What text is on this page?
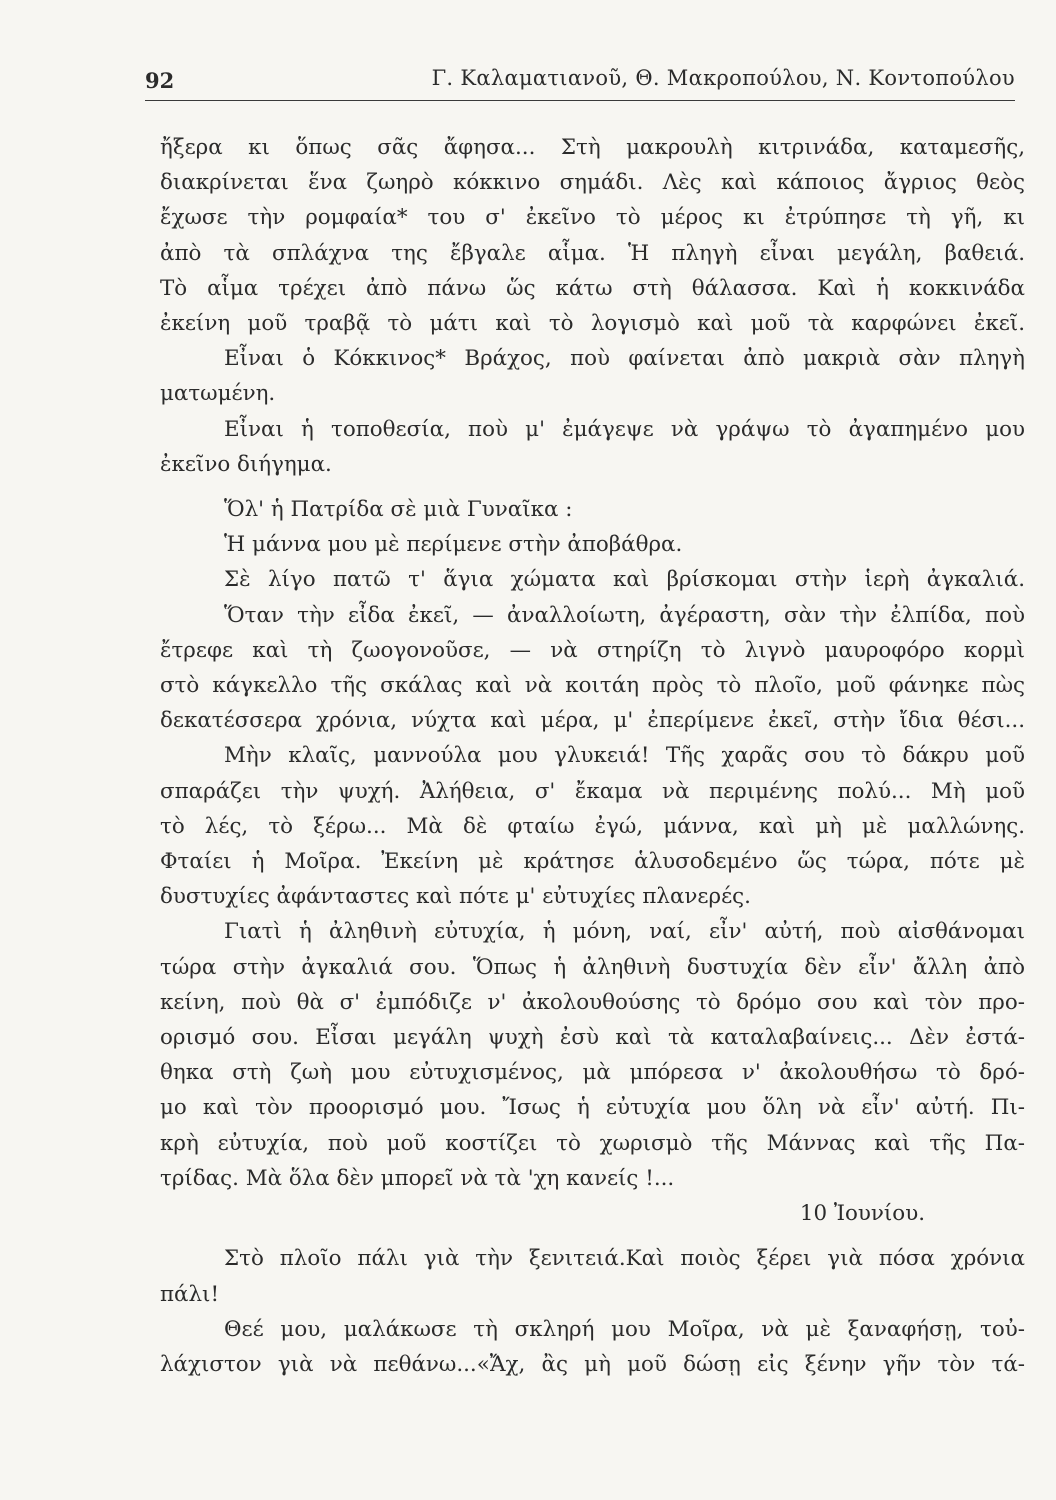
92	Γ. Καλαματιανοῦ, Θ. Μακροπούλου, Ν. Κοντοπούλου
ἤξερα κι ὅπως σᾶς ἄφησα... Στὴ μακρουλὴ κιτρινάδα, καταμεσῆς,
διακρίνεται ἕνα ζωηρὸ κόκκινο σημάδι. Λὲς καὶ κάποιος ἄγριος θεὸς
ἔχωσε τὴν ρομφαία* του σ' ἐκεῖνο τὸ μέρος κι ἐτρύπησε τὴ γῆ, κι
ἀπὸ τὰ σπλάχνα της ἔβγαλε αἷμα. Ἡ πληγὴ εἶναι μεγάλη, βαθειά.
Τὸ αἷμα τρέχει ἀπὸ πάνω ὥς κάτω στὴ θάλασσα. Καὶ ἡ κοκκινάδα
ἐκείνη μοῦ τραβᾷ τὸ μάτι καὶ τὸ λογισμὸ καὶ μοῦ τὰ καρφώνει ἐκεῖ.
Εἶναι ὁ Κόκκινος* Βράχος, ποὺ φαίνεται ἀπὸ μακριὰ σὰν πληγὴ
ματωμένη.
Εἶναι ἡ τοποθεσία, ποὺ μ' ἐμάγεψε νὰ γράψω τὸ ἀγαπημένο μου
ἐκεῖνο διήγημα.
Ὅλ' ἡ Πατρίδα σὲ μιὰ Γυναῖκα :
Ἡ μάννα μου μὲ περίμενε στὴν ἀποβάθρα.
Σὲ λίγο πατῶ τ' ἅγια χώματα καὶ βρίσκομαι στὴν ἱερὴ ἀγκαλιά.
Ὅταν τὴν εἶδα ἐκεῖ, — ἀναλλοίωτη, ἀγέραστη, σὰν τὴν ἐλπίδα, ποὺ
ἔτρεφε καὶ τὴ ζωογονοῦσε, — νὰ στηρίζη τὸ λιγνὸ μαυροφόρο κορμὶ
στὸ κάγκελλο τῆς σκάλας καὶ νὰ κοιτάη πρὸς τὸ πλοῖο, μοῦ φάνηκε πὼς
δεκατέσσερα χρόνια, νύχτα καὶ μέρα, μ' ἐπερίμενε ἐκεῖ, στὴν ἴδια θέσι...
Μὴν κλαῖς, μαννούλα μου γλυκειά! Τῆς χαρᾶς σου τὸ δάκρυ μοῦ
σπαράζει τὴν ψυχή. Ἀλήθεια, σ' ἔκαμα νὰ περιμένης πολύ... Μὴ μοῦ
τὸ λές, τὸ ξέρω... Μὰ δὲ φταίω ἐγώ, μάννα, καὶ μὴ μὲ μαλλώνης.
Φταίει ἡ Μοῖρα. Ἐκείνη μὲ κράτησε ἁλυσοδεμένο ὥς τώρα, πότε μὲ
δυστυχίες ἀφάνταστες καὶ πότε μ' εὐτυχίες πλανερές.
Γιατὶ ἡ ἀληθινὴ εὐτυχία, ἡ μόνη, ναί, εἶν' αὐτή, ποὺ αἰσθάνομαι
τώρα στὴν ἀγκαλιά σου. Ὅπως ἡ ἀληθινὴ δυστυχία δὲν εἶν' ἄλλη ἀπὸ
κείνη, ποὺ θὰ σ' ἐμπόδιζε ν' ἀκολουθούσης τὸ δρόμο σου καὶ τὸν προ-
ορισμό σου. Εἶσαι μεγάλη ψυχὴ ἐσὺ καὶ τὰ καταλαβαίνεις... Δὲν ἐστά-
θηκα στὴ ζωὴ μου εὐτυχισμένος, μὰ μπόρεσα ν' ἀκολουθήσω τὸ δρό-
μο καὶ τὸν προορισμό μου. Ἴσως ἡ εὐτυχία μου ὅλη νὰ εἶν' αὐτή. Πι-
κρὴ εὐτυχία, ποὺ μοῦ κοστίζει τὸ χωρισμὸ τῆς Μάννας καὶ τῆς Πα-
τρίδας. Μὰ ὅλα δὲν μπορεῖ νὰ τὰ 'χη κανείς !...
10 Ἰουνίου.
Στὸ πλοῖο πάλι γιὰ τὴν ξενιτειά.Καὶ ποιὸς ξέρει γιὰ πόσα χρόνια
πάλι!
Θεέ μου, μαλάκωσε τὴ σκληρή μου Μοῖρα, νὰ μὲ ξαναφήσῃ, τοὐ-
λάχιστον γιὰ νὰ πεθάνω...«Ἄχ, ἂς μὴ μοῦ δώσῃ εἰς ξένην γῆν τὸν τά-
